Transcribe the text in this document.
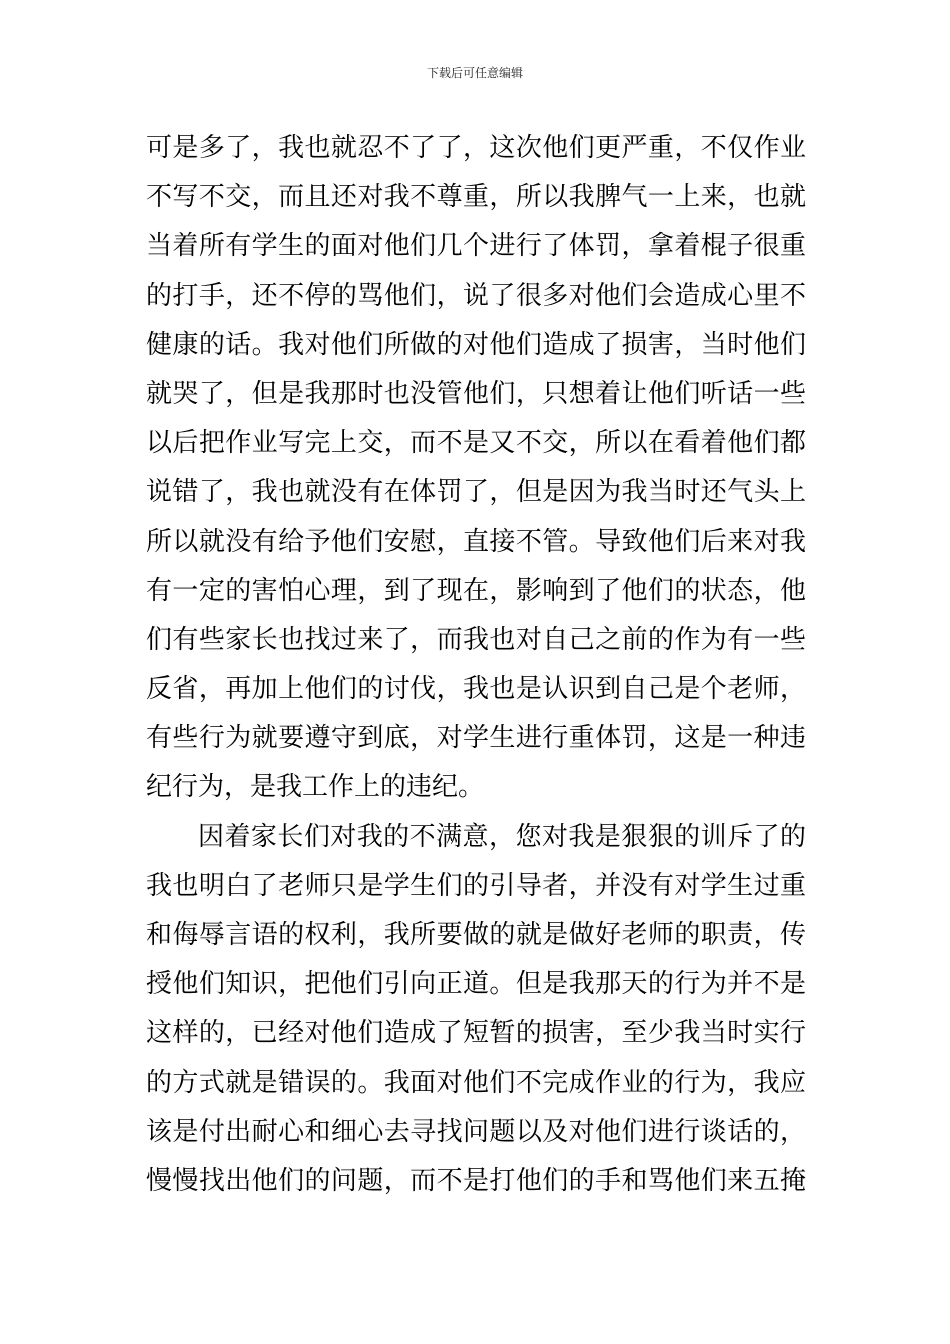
下载后可任意编辑
可是多了，我也就忍不了了，这次他们更严重，不仅作业
不写不交，而且还对我不尊重，所以我脾气一上来，也就
当着所有学生的面对他们几个进行了体罚，拿着棍子很重
的打手，还不停的骂他们，说了很多对他们会造成心里不
健康的话。我对他们所做的对他们造成了损害，当时他们
就哭了，但是我那时也没管他们，只想着让他们听话一些
以后把作业写完上交，而不是又不交，所以在看着他们都
说错了，我也就没有在体罚了，但是因为我当时还气头上
所以就没有给予他们安慰，直接不管。导致他们后来对我
有一定的害怕心理，到了现在，影响到了他们的状态，他
们有些家长也找过来了，而我也对自己之前的作为有一些
反省，再加上他们的讨伐，我也是认识到自己是个老师，
有些行为就要遵守到底，对学生进行重体罚，这是一种违
纪行为，是我工作上的违纪。
因着家长们对我的不满意，您对我是狠狠的训斥了的
我也明白了老师只是学生们的引导者，并没有对学生过重
和侮辱言语的权利，我所要做的就是做好老师的职责，传
授他们知识，把他们引向正道。但是我那天的行为并不是
这样的，已经对他们造成了短暂的损害，至少我当时实行
的方式就是错误的。我面对他们不完成作业的行为，我应
该是付出耐心和细心去寻找问题以及对他们进行谈话的，
慢慢找出他们的问题，而不是打他们的手和骂他们来五掩
